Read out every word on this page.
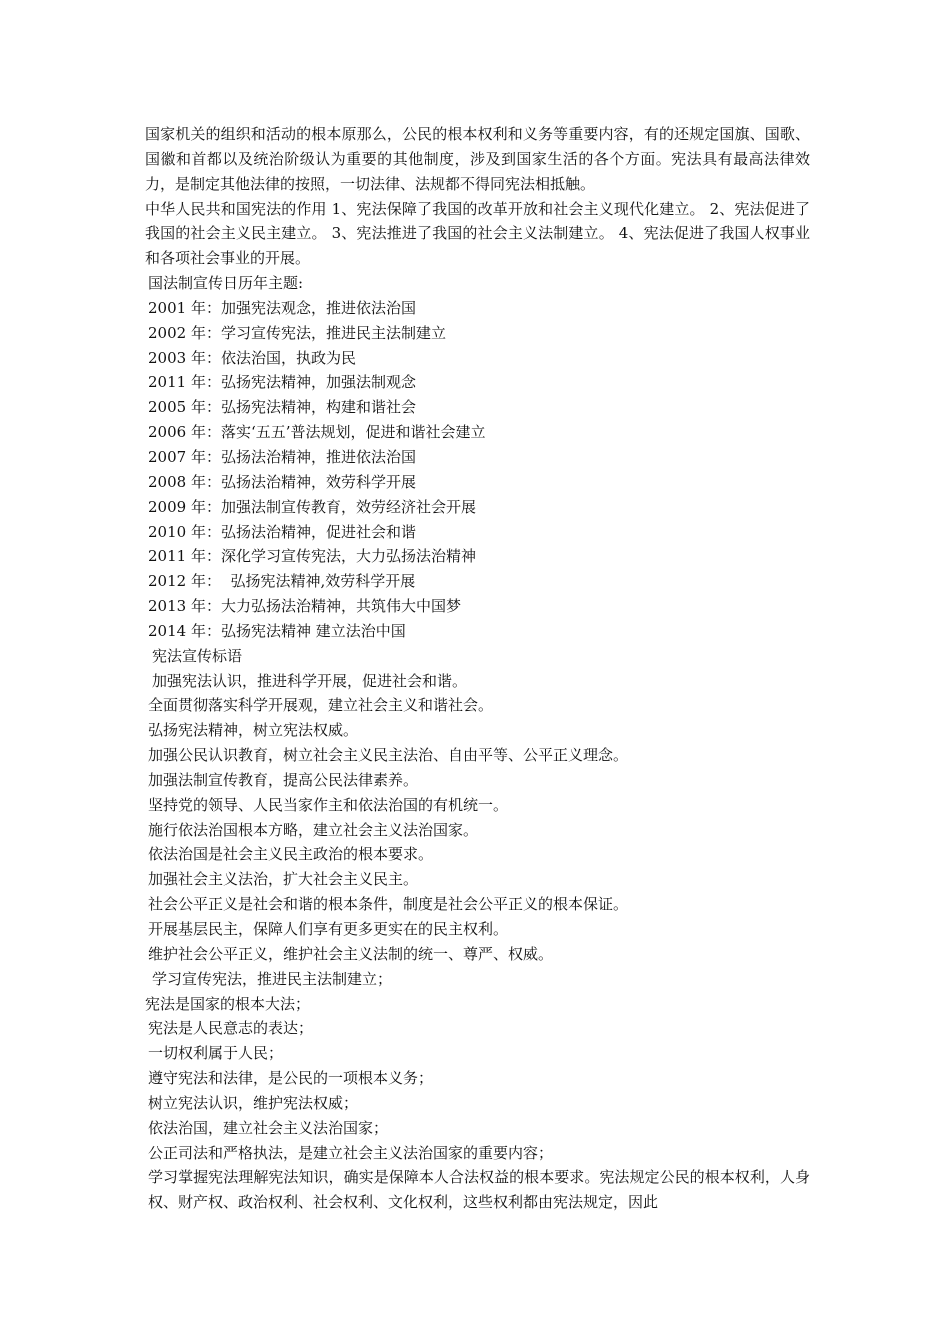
国家机关的组织和活动的根本原那么，公民的根本权利和义务等重要内容，有的还规定国旗、国歌、国徽和首都以及统治阶级认为重要的其他制度，涉及到国家生活的各个方面。宪法具有最高法律效力，是制定其他法律的按照，一切法律、法规都不得同宪法相抵触。

中华人民共和国宪法的作用 1、宪法保障了我国的改革开放和社会主义现代化建立。 2、宪法促进了我国的社会主义民主建立。 3、宪法推进了我国的社会主义法制建立。 4、宪法促进了我国人权事业和各项社会事业的开展。

国法制宣传日历年主题:

2001 年：加强宪法观念，推进依法治国

2002 年：学习宣传宪法，推进民主法制建立

2003 年：依法治国，执政为民

2011 年：弘扬宪法精神，加强法制观念

2005 年：弘扬宪法精神，构建和谐社会

2006 年：落实‘五五’普法规划，促进和谐社会建立

2007 年：弘扬法治精神，推进依法治国

2008 年：弘扬法治精神，效劳科学开展

2009 年：加强法制宣传教育，效劳经济社会开展

2010 年：弘扬法治精神，促进社会和谐

2011 年：深化学习宣传宪法，大力弘扬法治精神

2012 年：  弘扬宪法精神,效劳科学开展

2013 年：大力弘扬法治精神，共筑伟大中国梦

2014 年：弘扬宪法精神 建立法治中国

宪法宣传标语

加强宪法认识，推进科学开展，促进社会和谐。

全面贯彻落实科学开展观，建立社会主义和谐社会。

弘扬宪法精神，树立宪法权威。

加强公民认识教育，树立社会主义民主法治、自由平等、公平正义理念。

加强法制宣传教育，提高公民法律素养。

坚持党的领导、人民当家作主和依法治国的有机统一。

施行依法治国根本方略，建立社会主义法治国家。

依法治国是社会主义民主政治的根本要求。

加强社会主义法治，扩大社会主义民主。

社会公平正义是社会和谐的根本条件，制度是社会公平正义的根本保证。

开展基层民主，保障人们享有更多更实在的民主权利。

维护社会公平正义，维护社会主义法制的统一、尊严、权威。

学习宣传宪法，推进民主法制建立；

宪法是国家的根本大法；

宪法是人民意志的表达；

一切权利属于人民；

遵守宪法和法律，是公民的一项根本义务；

树立宪法认识，维护宪法权威；

依法治国，建立社会主义法治国家；

公正司法和严格执法，是建立社会主义法治国家的重要内容；

学习掌握宪法理解宪法知识，确实是保障本人合法权益的根本要求。宪法规定公民的根本权利，人身权、财产权、政治权利、社会权利、文化权利，这些权利都由宪法规定，因此
